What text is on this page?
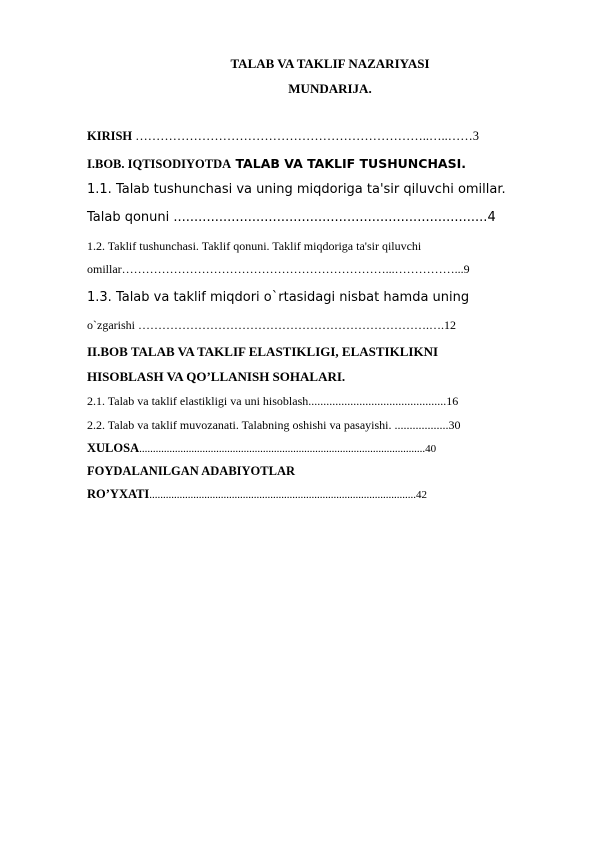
TALAB VA TAKLIF NAZARIYASI
MUNDARIJA.
KIRISH ……………………………………………………………..…..……3
I.BOB. IQTISODIYOTDA TALAB VA TAKLIF TUSHUNCHASI.
1.1. Talab tushunchasi va uning miqdoriga ta'sir qiluvchi omillar.
Talab qonuni ............................................................................4
1.2. Taklif tushunchasi. Taklif qonuni. Taklif miqdoriga ta'sir qiluvchi
omillar…………………………………………………………...……………...9
1.3. Talab va taklif miqdori o`rtasidagi nisbat hamda uning
o`zgarishi ……………………………………………………………….….12
II.BOB TALAB VA TAKLIF ELASTIKLIGI, ELASTIKLIKNI
HISOBLASH VA QO’LLANISH SOHALARI.
2.1. Talab va taklif elastikligi va uni hisoblash..............................................16
2.2. Talab va taklif muvozanati. Talabning oshishi va pasayishi. ..................30
XULOSA........................................................................................................40
FOYDALANILGAN ADABIYOTLAR
RO’YXATI.................................................................................................42
